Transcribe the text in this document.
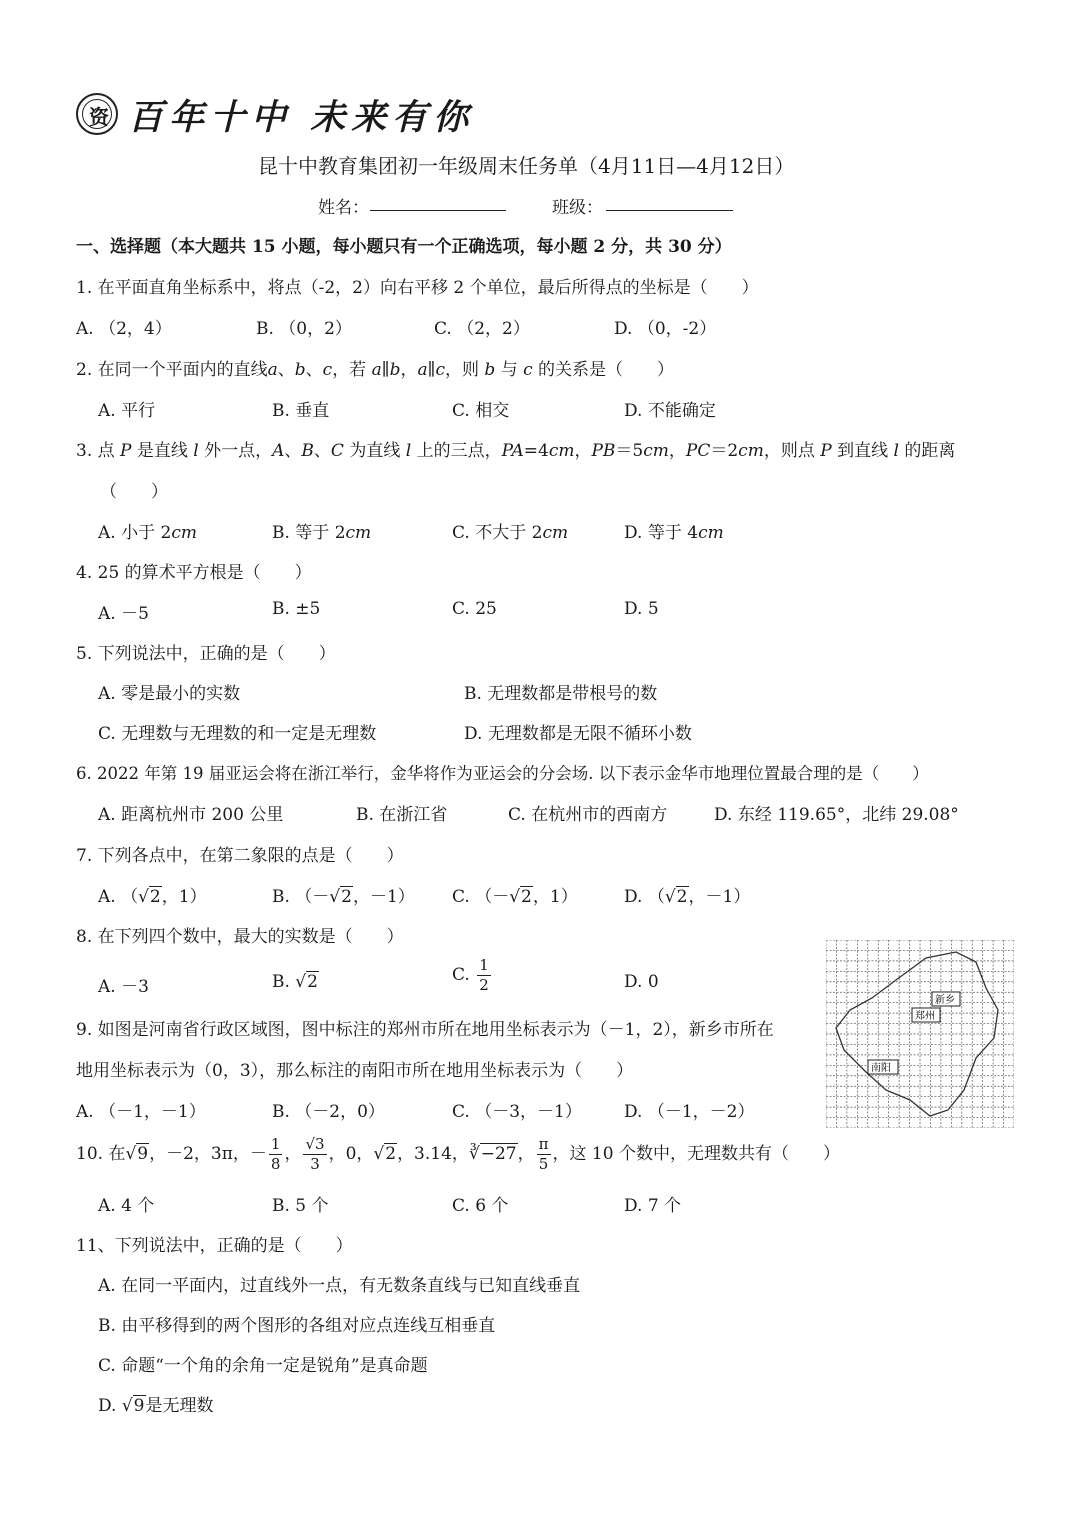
资 百年十中 未来有你
昆十中教育集团初一年级周末任务单（4月11日—4月12日）
姓名：	班级：
一、选择题（本大题共 15 小题，每小题只有一个正确选项，每小题 2 分，共 30 分）
1. 在平面直角坐标系中，将点（-2，2）向右平移 2 个单位，最后所得点的坐标是（　　）
A. （2，4）	B. （0，2）	C. （2，2）	D. （0，-2）
2. 在同一个平面内的直线a、b、c，若 a∥b，a∥c，则 b 与 c 的关系是（　　）
A. 平行	B. 垂直	C. 相交	D. 不能确定
3. 点 P 是直线 l 外一点，A、B、C 为直线 l 上的三点，PA=4cm，PB＝5cm，PC＝2cm，则点 P 到直线 l 的距离
（　　）
A. 小于 2cm	B. 等于 2cm	C. 不大于 2cm	D. 等于 4cm
4. 25 的算术平方根是（　　）
A. －5	B. ±5	C. 25	D. 5
5. 下列说法中，正确的是（　　）
A. 零是最小的实数	B. 无理数都是带根号的数
C. 无理数与无理数的和一定是无理数	D. 无理数都是无限不循环小数
6. 2022 年第 19 届亚运会将在浙江举行，金华将作为亚运会的分会场. 以下表示金华市地理位置最合理的是（　　）
A. 距离杭州市 200 公里	B. 在浙江省	C. 在杭州市的西南方	D. 东经 119.65°，北纬 29.08°
7. 下列各点中，在第二象限的点是（　　）
A. （√2，1）	B. （－√2，－1） C. （－√2，1）	D. （√2，－1）
8. 在下列四个数中，最大的实数是（　　）
A. －3	B. √2	C. $\frac{1}{2}$	D. 0
新乡
郑州
南阳
9. 如图是河南省行政区域图，图中标注的郑州市所在地用坐标表示为（－1，2），新乡市所在
地用坐标表示为（0，3），那么标注的南阳市所在地用坐标表示为（　　）
A. （－1，－1）	B. （－2，0）	C. （－3，－1） D. （－1，－2）
10. 在√9，－2，3π，－ $\frac{1}{8}$ ， $\frac{√3}{3}$ ，0，√2，3.14，∛−27， $\frac{\pi}{5}$ ，这 10 个数中，无理数共有（　　）
A. 4 个	B. 5 个	C. 6 个	D. 7 个
11、下列说法中，正确的是（　　）
A. 在同一平面内，过直线外一点，有无数条直线与已知直线垂直
B. 由平移得到的两个图形的各组对应点连线互相垂直
C. 命题“一个角的余角一定是锐角”是真命题
D. √9是无理数
